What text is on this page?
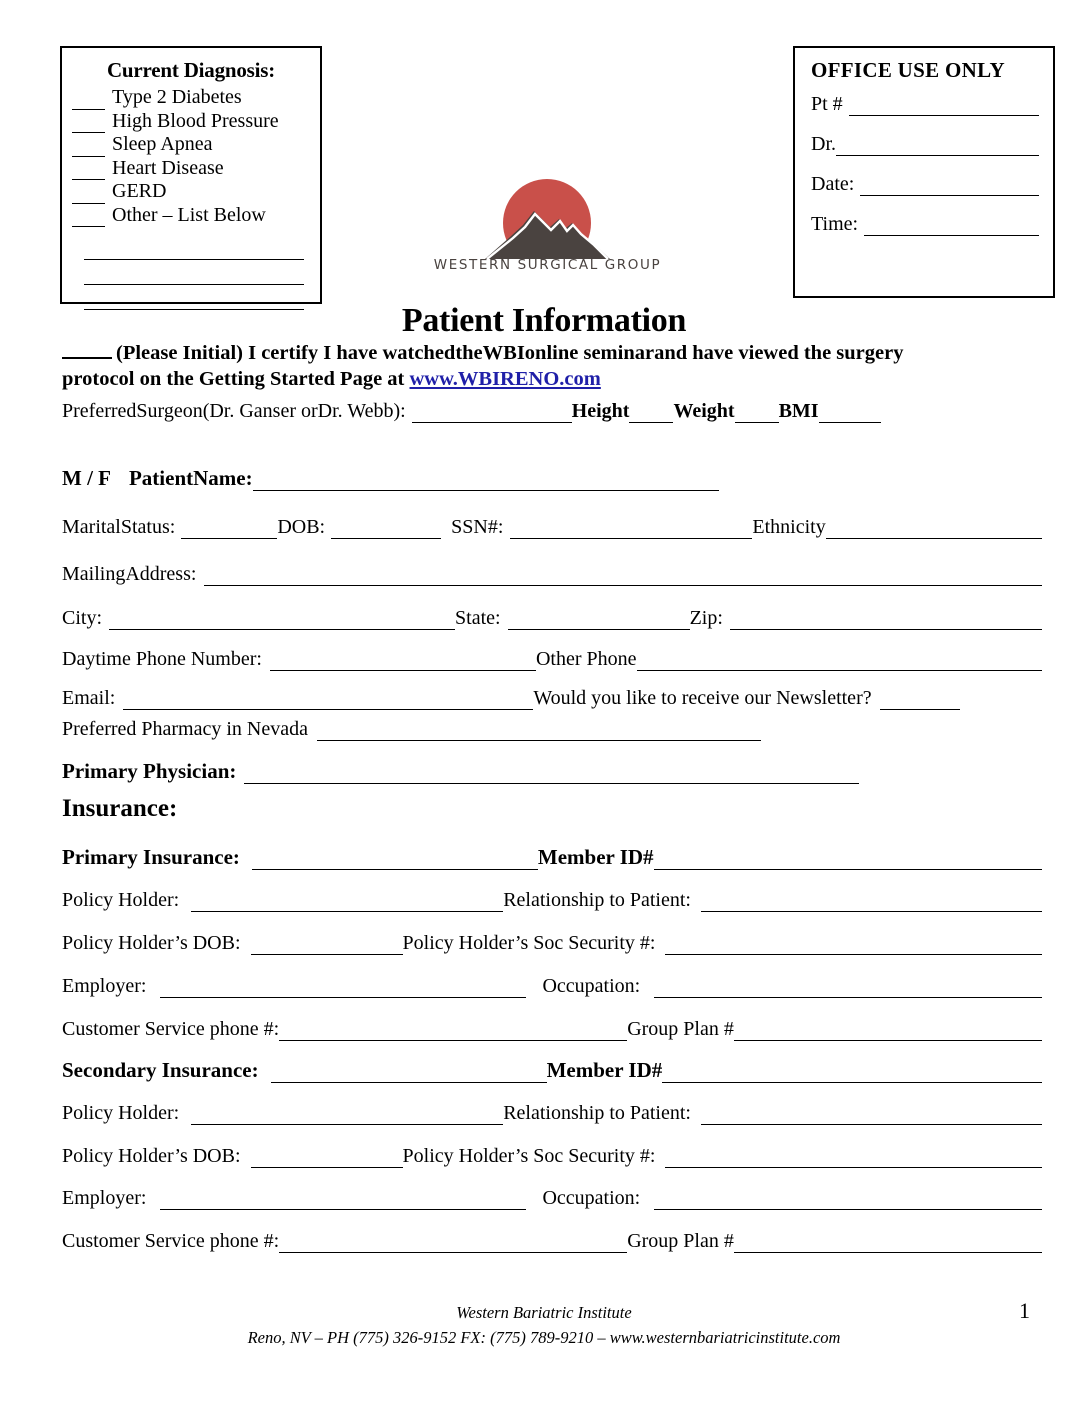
Current Diagnosis:
Type 2 Diabetes
High Blood Pressure
Sleep Apnea
Heart Disease
GERD
Other – List Below
OFFICE USE ONLY
Pt #
Dr.
Date:
Time:
WESTERN SURGICAL GROUP
Patient Information
(Please Initial) I certify I have watchedtheWBIonline seminarand have viewed the surgery
protocol on the Getting Started Page at www.WBIRENO.com
PreferredSurgeon(Dr. Ganser orDr. Webb):	Height Weight BMI
M / F PatientName:
MaritalStatus:	DOB:	SSN#:	Ethnicity
MailingAddress:
City:	State:	Zip:
Daytime Phone Number:	Other Phone
Email:	Would you like to receive our Newsletter?
Preferred Pharmacy in Nevada
Primary Physician:
Insurance:
Primary Insurance:	Member ID#
Policy Holder:	Relationship to Patient:
Policy Holder’s DOB:	Policy Holder’s Soc Security #:
Employer:	Occupation:
Customer Service phone #:	Group Plan #
Secondary Insurance:	Member ID#
Policy Holder:	Relationship to Patient:
Policy Holder’s DOB:	Policy Holder’s Soc Security #:
Employer:	Occupation:
Customer Service phone #:	Group Plan #
Western Bariatric Institute
Reno, NV – PH (775) 326-9152 FX: (775) 789-9210 – www.westernbariatricinstitute.com
1
